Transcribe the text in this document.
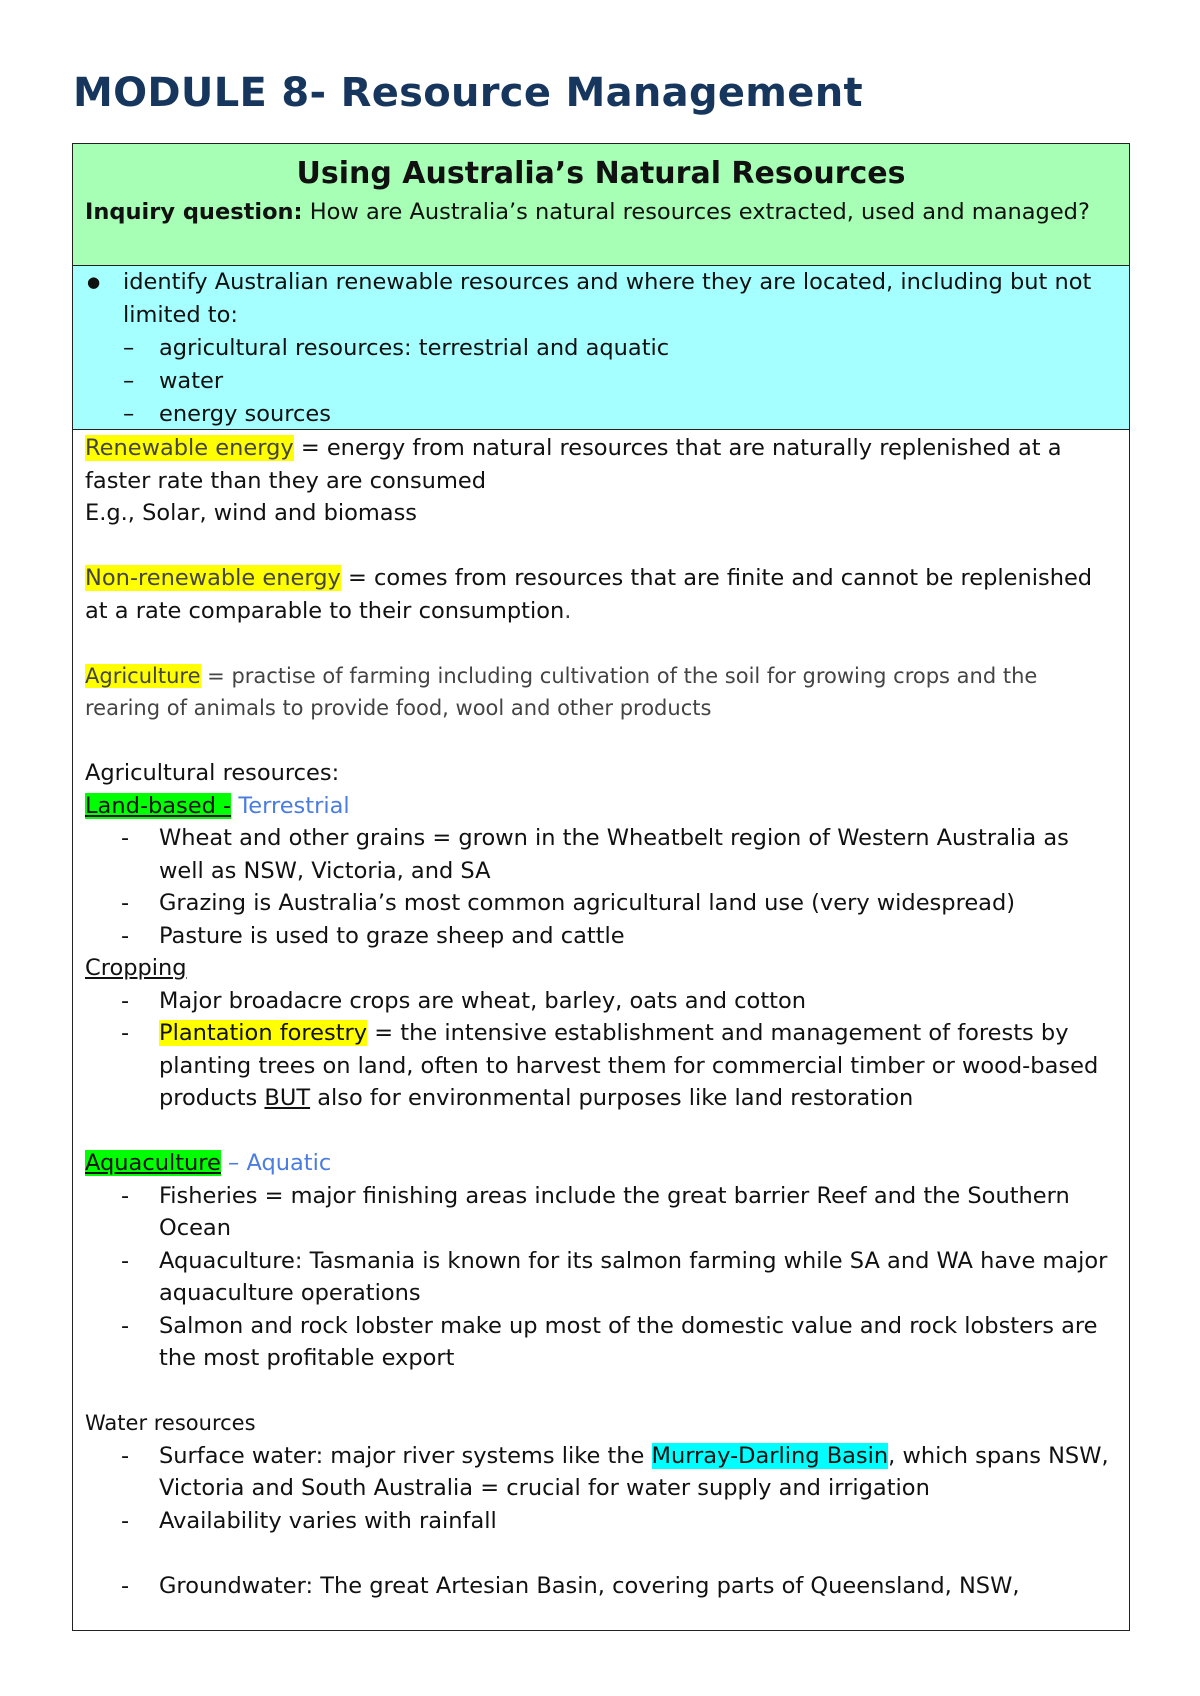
MODULE 8- Resource Management
Using Australia’s Natural Resources
Inquiry question: How are Australia’s natural resources extracted, used and managed?
● identify Australian renewable resources and where they are located, including but not limited to:
– agricultural resources: terrestrial and aquatic
– water
– energy sources

Renewable energy = energy from natural resources that are naturally replenished at a faster rate than they are consumed

E.g., Solar, wind and biomass

Non-renewable energy = comes from resources that are finite and cannot be replenished at a rate comparable to their consumption.

Agriculture = practise of farming including cultivation of the soil for growing crops and the rearing of animals to provide food, wool and other products

Agricultural resources:

Land-based - Terrestrial

- Wheat and other grains = grown in the Wheatbelt region of Western Australia as well as NSW, Victoria, and SA
- Grazing is Australia’s most common agricultural land use (very widespread)
- Pasture is used to graze sheep and cattle

Cropping

- Major broadacre crops are wheat, barley, oats and cotton
- Plantation forestry = the intensive establishment and management of forests by planting trees on land, often to harvest them for commercial timber or wood-based products BUT also for environmental purposes like land restoration

Aquaculture – Aquatic

- Fisheries = major finishing areas include the great barrier Reef and the Southern Ocean
- Aquaculture: Tasmania is known for its salmon farming while SA and WA have major aquaculture operations
- Salmon and rock lobster make up most of the domestic value and rock lobsters are the most profitable export

Water resources

- Surface water: major river systems like the Murray-Darling Basin, which spans NSW, Victoria and South Australia = crucial for water supply and irrigation
- Availability varies with rainfall
- Groundwater: The great Artesian Basin, covering parts of Queensland, NSW,
